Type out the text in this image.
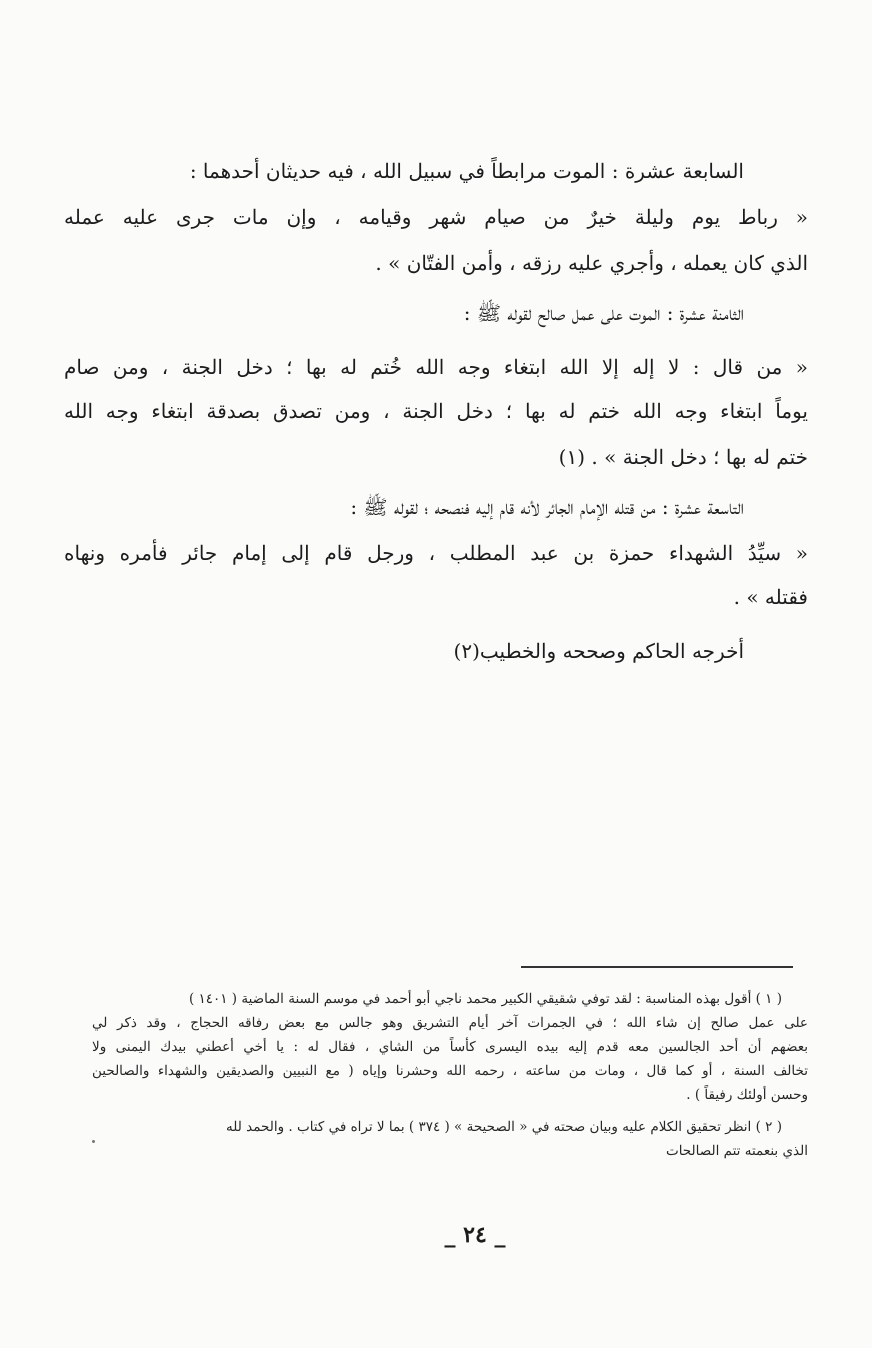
السابعة عشرة : الموت مرابطاً في سبيل الله ، فيه حديثان أحدهما :
« رباط يوم وليلة خيرٌ من صيام شهر وقيامه ، وإن مات جرى عليه عمله
الذي كان يعمله ، وأجري عليه رزقه ، وأمن الفتّان » .
الثامنة عشرة : الموت على عمل صالح لقوله ﷺ :
« من قال : لا إله إلا الله ابتغاء وجه الله خُتم له بها ؛ دخل الجنة ، ومن صام
يوماً ابتغاء وجه الله ختم له بها ؛ دخل الجنة ، ومن تصدق بصدقة ابتغاء وجه الله
ختم له بها ؛ دخل الجنة » . (١)
التاسعة عشرة : من قتله الإمام الجائر لأنه قام إليه فنصحه ؛ لقوله ﷺ :
« سيِّدُ الشهداء حمزة بن عبد المطلب ، ورجل قام إلى إمام جائر فأمره ونهاه
فقتله » .
أخرجه الحاكم وصححه والخطيب(٢)
( ١ ) أقول بهذه المناسبة : لقد توفي شقيقي الكبير محمد ناجي أبو أحمد في موسم السنة الماضية ( ١٤٠١ )
على عمل صالح إن شاء الله ؛ في الجمرات آخر أيام التشريق وهو جالس مع بعض رفاقه الحجاج ، وقد ذكر لي
بعضهم أن أحد الجالسين معه قدم إليه بيده اليسرى كأساً من الشاي ، فقال له : يا أخي أعطني بيدك اليمنى ولا
تخالف السنة ، أو كما قال ، ومات من ساعته ، رحمه الله وحشرنا وإياه ( مع النبيين والصديقين والشهداء والصالحين
وحسن أولئك رفيقاً ) .
( ٢ ) انظر تحقيق الكلام عليه وبيان صحته في « الصحيحة » ( ٣٧٤ ) بما لا تراه في كتاب . والحمد لله
الذي بنعمته تتم الصالحات
_ ٢٤ _
